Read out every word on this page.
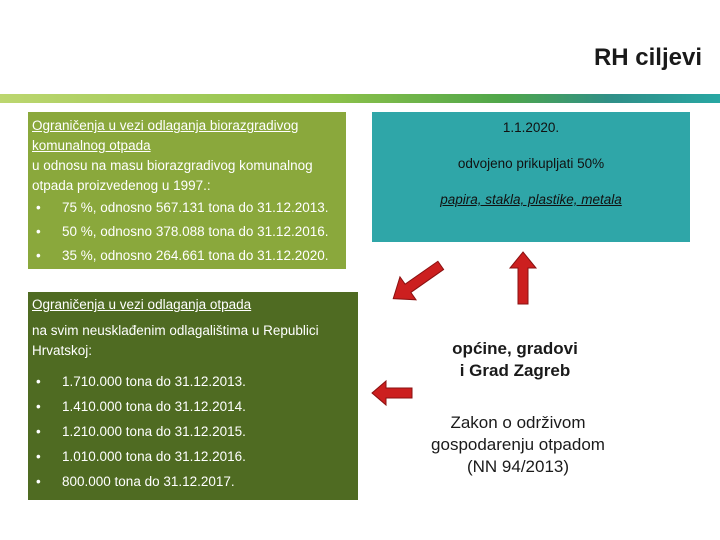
RH ciljevi
Ograničenja u vezi odlaganja biorazgradivog
komunalnog otpada
u odnosu na masu biorazgradivog komunalnog otpada proizvedenog u 1997.:
• 75 %, odnosno 567.131 tona do 31.12.2013.
• 50 %, odnosno 378.088 tona do 31.12.2016.
• 35 %, odnosno 264.661 tona do 31.12.2020.
Ograničenja u vezi odlaganja otpada
na svim neusklađenim odlagalištima u Republici Hrvatskoj:
• 1.710.000 tona do 31.12.2013.
• 1.410.000 tona do 31.12.2014.
• 1.210.000 tona do 31.12.2015.
• 1.010.000 tona do 31.12.2016.
• 800.000 tona do 31.12.2017.

1.1.2020.

odvojeno prikupljati 50%

papira, stakla, plastike, metala

općine, gradovi
i Grad Zagreb
Zakon o održivom
gospodarenju otpadom
(NN 94/2013)
